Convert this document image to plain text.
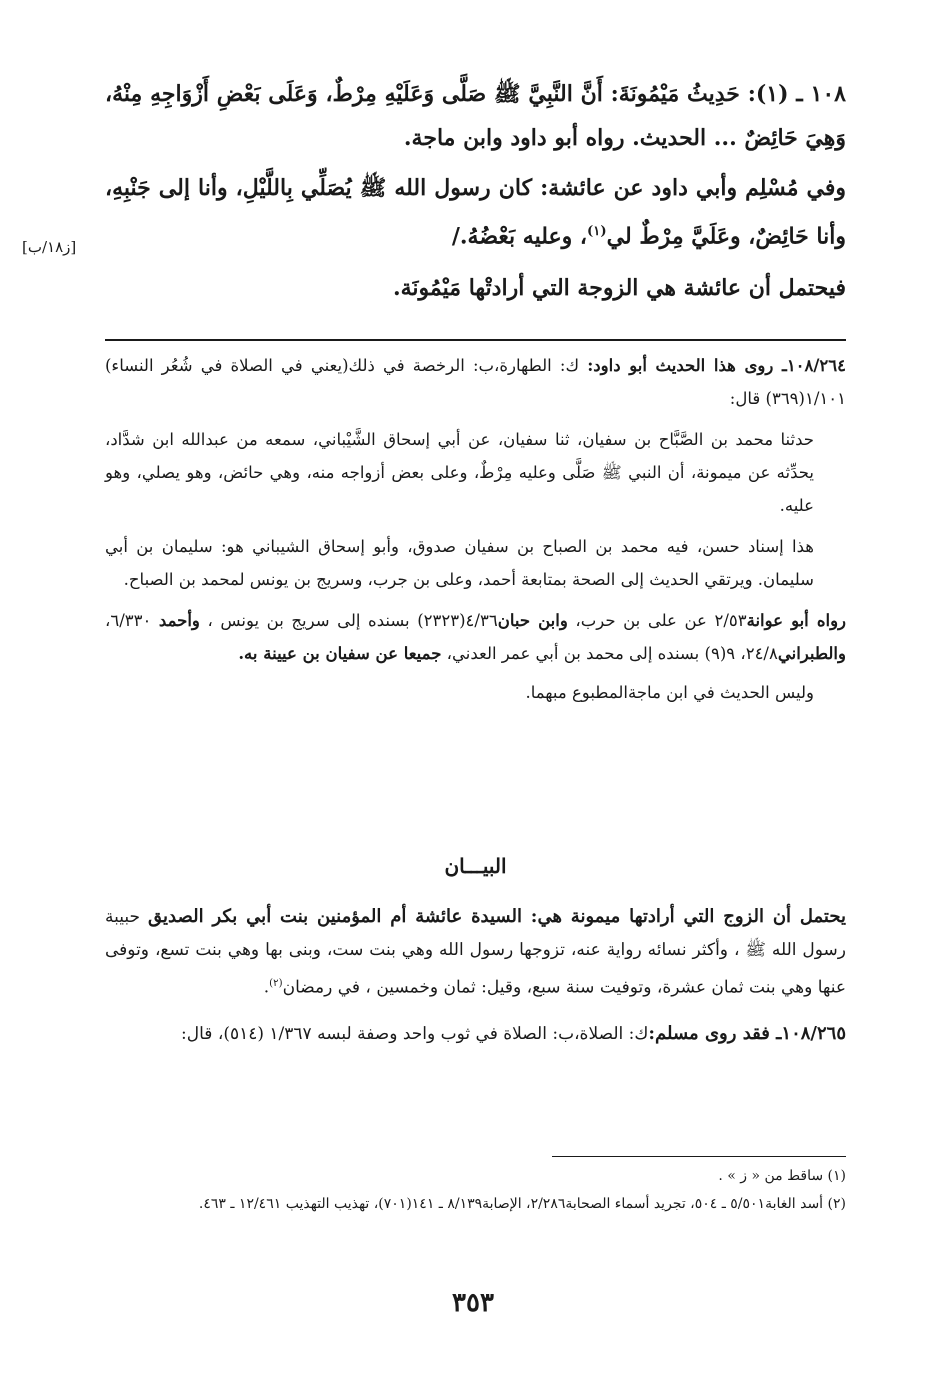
١٠٨ ـ (١): حَدِيثُ مَيْمُونَةَ: أَنَّ النَّبِيَّ ﷺ صَلَّى وَعَلَيْهِ مِرْطٌ، وَعَلَى بَعْضِ أَزْوَاجِهِ مِنْهُ، وَهِيَ حَائِضٌ ... الحديث. رواه أبو داود وابن ماجة.

وفي مُسْلِم وأبي داود عن عائشة: كان رسول الله ﷺ يُصَلِّي بِاللَّيْلِ، وأنا إلى جَنْبِهِ، وأنا حَائِضٌ، وعَلَيَّ مِرْطٌ لي$^{(١)}$، وعليه بَعْضُهُ./

فيحتمل أن عائشة هي الزوجة التي أرادتْها مَيْمُونَة.

[ز١٨/ب]

١٠٨/٢٦٤ـ روى هذا الحديث أبو داود: ك: الطهارة،ب: الرخصة في ذلك(يعني في الصلاة في شُعُر النساء) ١/١٠١(٣٦٩) قال:

حدثنا محمد بن الصَّبَّاح بن سفيان، ثنا سفيان، عن أبي إسحاق الشَّيْباني، سمعه من عبدالله ابن شدَّاد، يحدِّثه عن ميمونة، أن النبي ﷺ صَلَّى وعليه مِرْطٌ، وعلى بعض أزواجه منه، وهي حائض، وهو يصلي، وهو عليه.

هذا إسناد حسن، فيه محمد بن الصباح بن سفيان صدوق، وأبو إسحاق الشيباني هو: سليمان بن أبي سليمان. ويرتقي الحديث إلى الصحة بمتابعة أحمد، وعلى بن جرب، وسريج بن يونس لمحمد بن الصباح.

رواه أبو عوانة٢/٥٣ عن على بن حرب، وابن حبان٤/٣٦(٢٣٢٣) بسنده إلى سريج بن يونس ، وأحمد ٦/٣٣٠، والطبراني٢٤/٨، ٩(٩) بسنده إلى محمد بن أبي عمر العدني، جميعا عن سفيان بن عيينة به.

وليس الحديث في ابن ماجةالمطبوع مبهما.

البيـــان

يحتمل أن الزوج التي أرادتها ميمونة هي: السيدة عائشة أم المؤمنين بنت أبي بكر الصديق حبيبة رسول الله ﷺ ، وأكثر نسائه رواية عنه، تزوجها رسول الله وهي بنت ست، وبنى بها وهي بنت تسع، وتوفى عنها وهي بنت ثمان عشرة، وتوفيت سنة سبع، وقيل: ثمان وخمسين ، في رمضان$^{(٢)}$.

١٠٨/٢٦٥ـ فقد روى مسلم:ك: الصلاة،ب: الصلاة في ثوب واحد وصفة لبسه ١/٣٦٧ (٥١٤)، قال:

(١) ساقط من « ز » .

(٢) أسد الغابة٥/٥٠١ ـ ٥٠٤، تجريد أسماء الصحابة٢/٢٨٦، الإصابة٨/١٣٩ ـ ١٤١(٧٠١)، تهذيب التهذيب ١٢/٤٦١ ـ ٤٦٣.

٣٥٣
